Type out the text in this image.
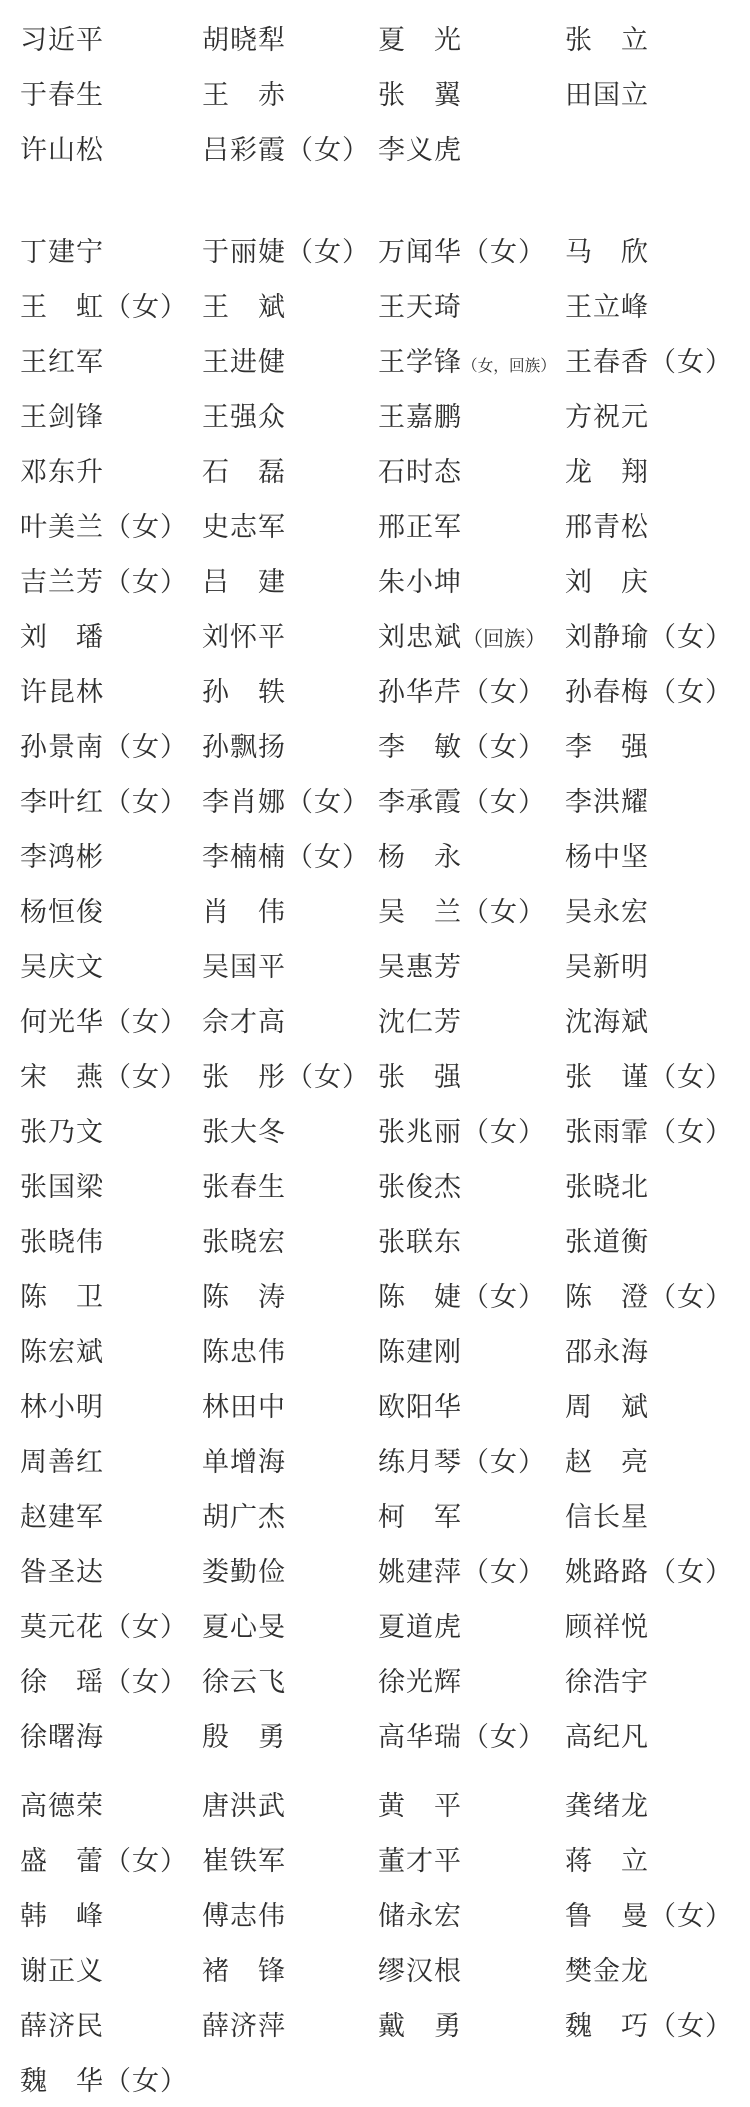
习近平	胡晓犁	夏　光	张　立
于春生	王　赤	张　翼	田国立
许山松	吕彩霞（女） 李义虎
丁建宁	于丽婕（女） 万闻华（女） 马　欣
王　虹（女） 王　斌	王天琦	王立峰
王红军	王进健	王学锋（女，回族） 王春香（女）
王剑锋	王强众	王嘉鹏	方祝元
邓东升	石　磊	石时态	龙　翔
叶美兰（女） 史志军	邢正军	邢青松
吉兰芳（女） 吕　建	朱小坤	刘　庆
刘　璠	刘怀平	刘忠斌（回族） 刘静瑜（女）
许昆林	孙　轶	孙华芹（女） 孙春梅（女）
孙景南（女） 孙飘扬	李　敏（女） 李　强
李叶红（女） 李肖娜（女） 李承霞（女） 李洪耀
李鸿彬	李楠楠（女） 杨　永	杨中坚
杨恒俊	肖　伟	吴　兰（女） 吴永宏
吴庆文	吴国平	吴惠芳	吴新明
何光华（女） 佘才高	沈仁芳	沈海斌
宋　燕（女） 张　彤（女） 张　强	张　谨（女）
张乃文	张大冬	张兆丽（女） 张雨霏（女）
张国梁	张春生	张俊杰	张晓北
张晓伟	张晓宏	张联东	张道衡
陈　卫	陈　涛	陈　婕（女） 陈　澄（女）
陈宏斌	陈忠伟	陈建刚	邵永海
林小明	林田中	欧阳华	周　斌
周善红	单增海	练月琴（女） 赵　亮
赵建军	胡广杰	柯　军	信长星
昝圣达	娄勤俭	姚建萍（女） 姚路路（女）
莫元花（女） 夏心旻	夏道虎	顾祥悦
徐　瑶（女） 徐云飞	徐光辉	徐浩宇
徐曙海	殷　勇	高华瑞（女） 高纪凡
高德荣	唐洪武	黄　平	龚绪龙
盛　蕾（女） 崔铁军	董才平	蒋　立
韩　峰	傅志伟	储永宏	鲁　曼（女）
谢正义	褚　锋	缪汉根	樊金龙
薛济民	薛济萍	戴　勇	魏　巧（女）
魏　华（女）
